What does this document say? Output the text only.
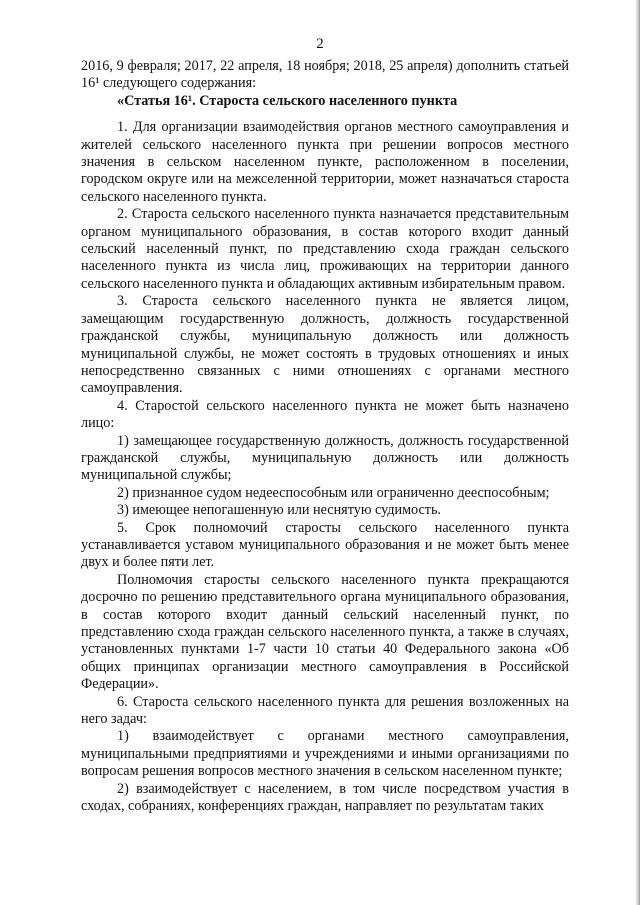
2

2016, 9 февраля; 2017, 22 апреля, 18 ноября; 2018, 25 апреля) дополнить статьей 16¹ следующего содержания:

«Статья 16¹. Старoста сельского населенного пункта

1. Для организации взаимодействия органов местного самоуправления и жителей сельского населенного пункта при решении вопросов местного значения в сельском населенном пункте, расположенном в поселении, городском округе или на межселенной территории, может назначаться староста сельского населенного пункта.

2. Староста сельского населенного пункта назначается представительным органом муниципального образования, в состав которого входит данный сельский населенный пункт, по представлению схода граждан сельского населенного пункта из числа лиц, проживающих на территории данного сельского населенного пункта и обладающих активным избирательным правом.

3. Староста сельского населенного пункта не является лицом, замещающим государственную должность, должность государственной гражданской службы, муниципальную должность или должность муниципальной службы, не может состоять в трудовых отношениях и иных непосредственно связанных с ними отношениях с органами местного самоуправления.

4. Старостой сельского населенного пункта не может быть назначено лицо:

1) замещающее государственную должность, должность государственной гражданской службы, муниципальную должность или должность муниципальной службы;

2) признанное судом недееспособным или ограниченно дееспособным;

3) имеющее непогашенную или неснятую судимость.

5. Срок полномочий старосты сельского населенного пункта устанавливается уставом муниципального образования и не может быть менее двух и более пяти лет.

Полномочия старосты сельского населенного пункта прекращаются досрочно по решению представительного органа муниципального образования, в состав которого входит данный сельский населенный пункт, по представлению схода граждан сельского населенного пункта, а также в случаях, установленных пунктами 1-7 части 10 статьи 40 Федерального закона «Об общих принципах организации местного самоуправления в Российской Федерации».

6. Староста сельского населенного пункта для решения возложенных на него задач:

1) взаимодействует с органами местного самоуправления, муниципальными предприятиями и учреждениями и иными организациями по вопросам решения вопросов местного значения в сельском населенном пункте;

2) взаимодействует с населением, в том числе посредством участия в сходах, собраниях, конференциях граждан, направляет по результатам таких
